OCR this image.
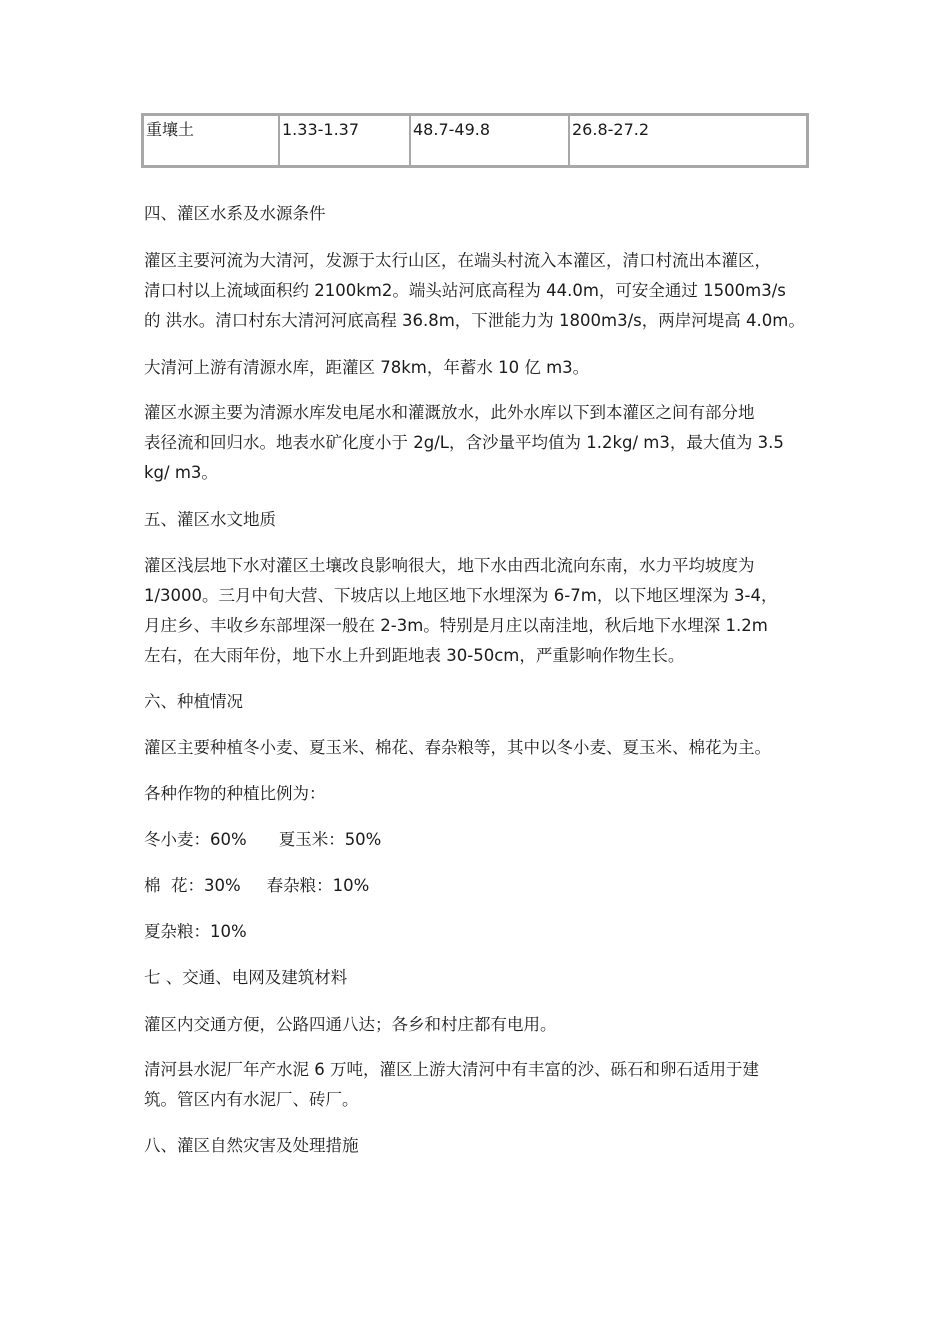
重壤土	1.33-1.37	48.7-49.8	26.8-27.2

四、灌区水系及水源条件

灌区主要河流为大清河，发源于太行山区，在端头村流入本灌区，清口村流出本灌区，
清口村以上流域面积约 2100km2。端头站河底高程为 44.0m，可安全通过 1500m3/s
的 洪水。清口村东大清河河底高程 36.8m，下泄能力为 1800m3/s，两岸河堤高 4.0m。

大清河上游有清源水库，距灌区 78km，年蓄水 10 亿 m3。

灌区水源主要为清源水库发电尾水和灌溉放水，此外水库以下到本灌区之间有部分地
表径流和回归水。地表水矿化度小于 2g/L，含沙量平均值为 1.2kg/ m3，最大值为 3.5
kg/ m3。

五、灌区水文地质

灌区浅层地下水对灌区土壤改良影响很大，地下水由西北流向东南，水力平均坡度为
1/3000。三月中旬大营、下坡店以上地区地下水埋深为 6-7m，以下地区埋深为 3-4，
月庄乡、丰收乡东部埋深一般在 2-3m。特别是月庄以南洼地，秋后地下水埋深 1.2m
左右，在大雨年份，地下水上升到距地表 30-50cm，严重影响作物生长。

六、种植情况

灌区主要种植冬小麦、夏玉米、棉花、春杂粮等，其中以冬小麦、夏玉米、棉花为主。

各种作物的种植比例为：

冬小麦：60% 夏玉米：50%

棉  花：30% 春杂粮：10%

夏杂粮：10%

七 、交通、电网及建筑材料

灌区内交通方便，公路四通八达；各乡和村庄都有电用。

清河县水泥厂年产水泥 6 万吨，灌区上游大清河中有丰富的沙、砾石和卵石适用于建
筑。管区内有水泥厂、砖厂。

八、灌区自然灾害及处理措施
